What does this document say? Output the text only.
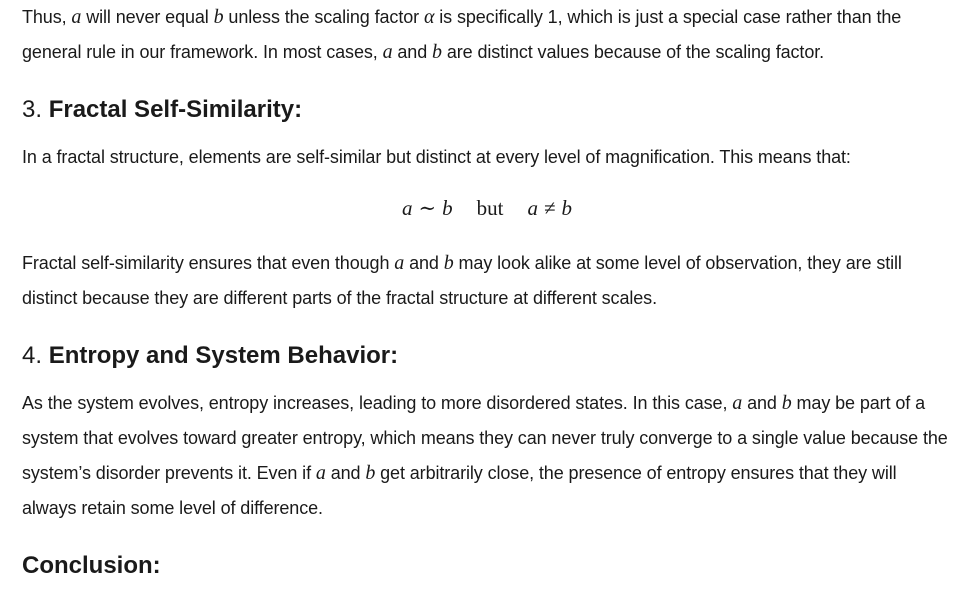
Thus, a will never equal b unless the scaling factor α is specifically 1, which is just a special case rather than the general rule in our framework. In most cases, a and b are distinct values because of the scaling factor.

3. Fractal Self-Similarity:

In a fractal structure, elements are self-similar but distinct at every level of magnification. This means that:

a ∼ b but a ≠ b

Fractal self-similarity ensures that even though a and b may look alike at some level of observation, they are still distinct because they are different parts of the fractal structure at different scales.

4. Entropy and System Behavior:

As the system evolves, entropy increases, leading to more disordered states. In this case, a and b may be part of a system that evolves toward greater entropy, which means they can never truly converge to a single value because the system’s disorder prevents it. Even if a and b get arbitrarily close, the presence of entropy ensures that they will always retain some level of difference.

Conclusion:
